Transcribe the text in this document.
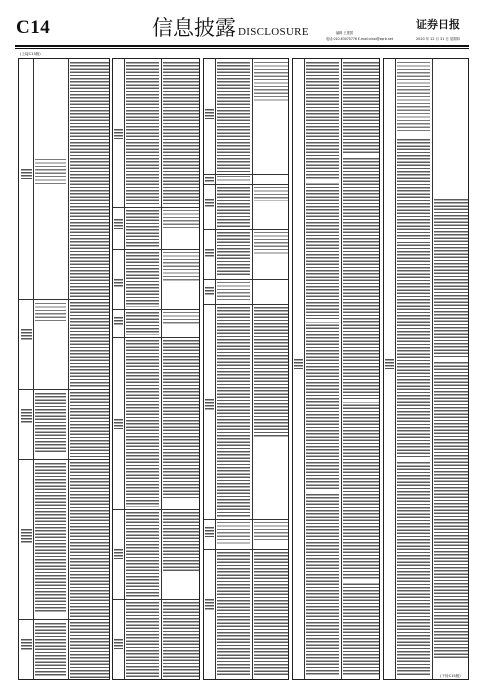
C14	信息披露 DISCLOSURE	编辑 王建国
电话:010-63070776 E-mail:xinxi@zqrb.net
证券日报
2020 年 12 月 31 日 星期四
(上接C13版)
(下转C15版)
